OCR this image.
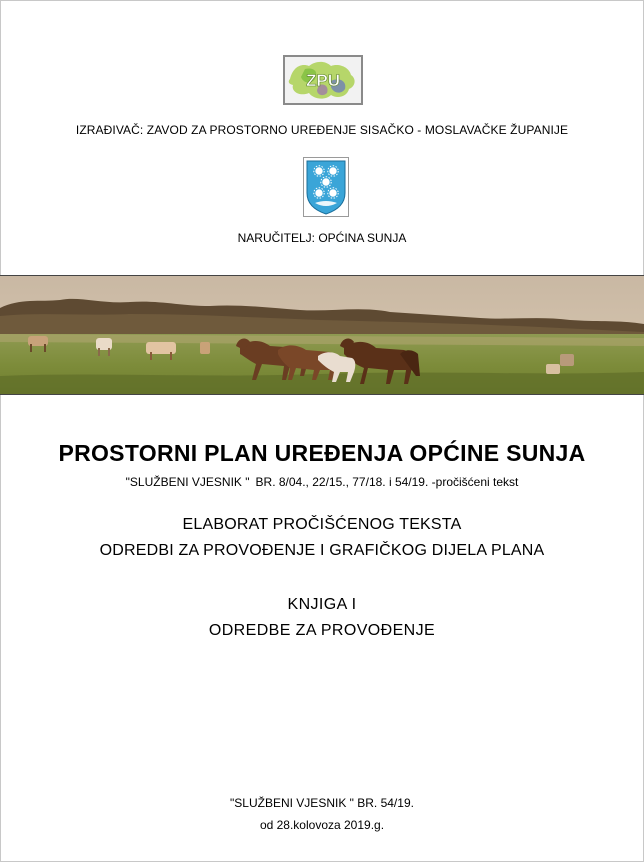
ZPU
IZRAĐIVAČ: ZAVOD ZA PROSTORNO UREĐENJE SISAČKO - MOSLAVAČKE ŽUPANIJE
NARUČITELJ: OPĆINA SUNJA
PROSTORNI PLAN UREĐENJA OPĆINE SUNJA
"SLUŽBENI VJESNIK " BR. 8/04., 22/15., 77/18. i 54/19. -pročišćeni tekst
ELABORAT PROČIŠĆENOG TEKSTA
ODREDBI ZA PROVOĐENJE I GRAFIČKOG DIJELA PLANA
KNJIGA I
ODREDBE ZA PROVOĐENJE
"SLUŽBENI VJESNIK " BR. 54/19.
od 28.kolovoza 2019.g.
